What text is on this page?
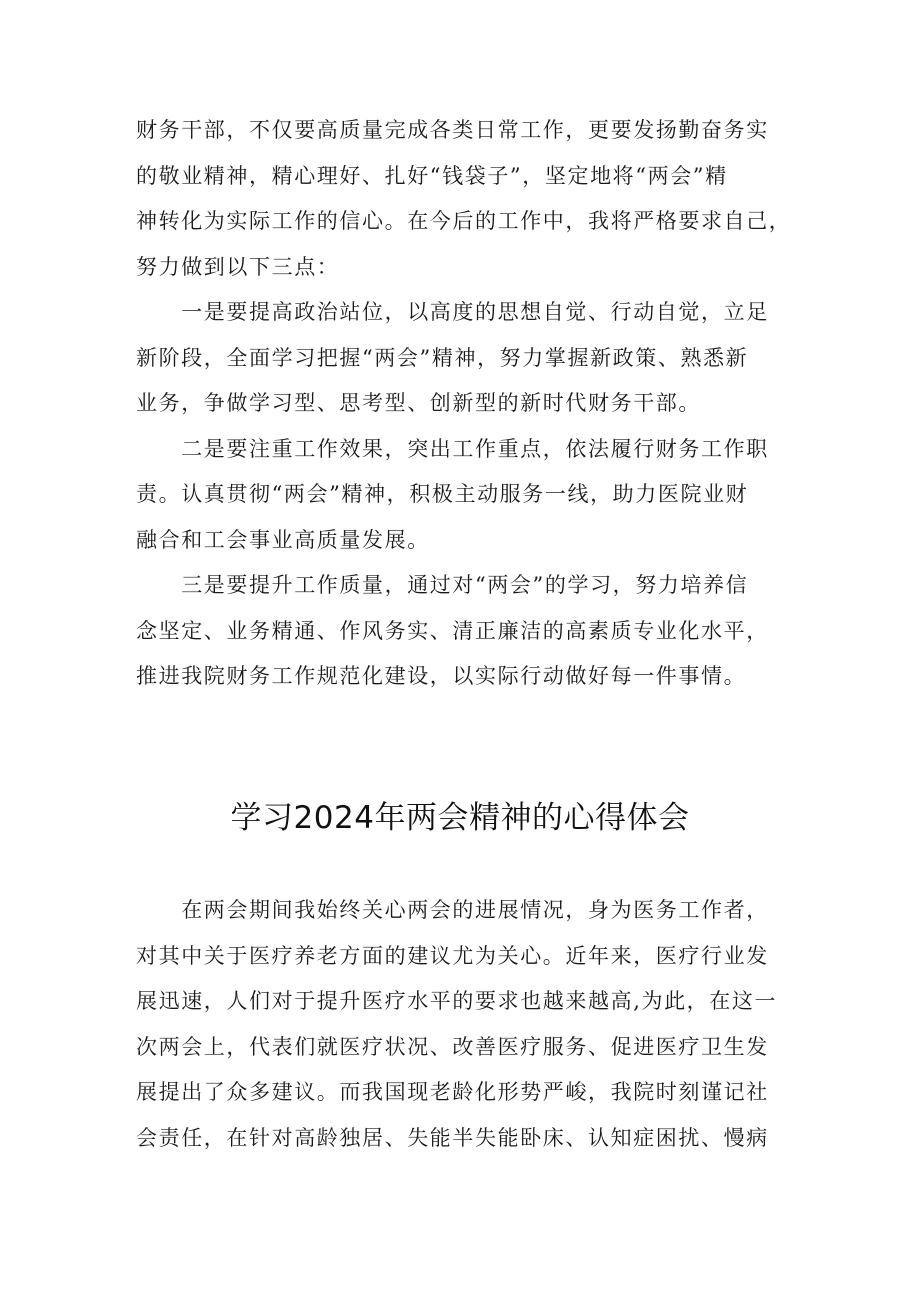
财务干部，不仅要高质量完成各类日常工作，更要发扬勤奋务实
的敬业精神，精心理好、扎好“钱袋子”，坚定地将“两会”精
神转化为实际工作的信心。在今后的工作中，我将严格要求自己，
努力做到以下三点：
　　一是要提高政治站位，以高度的思想自觉、行动自觉，立足
新阶段，全面学习把握“两会”精神，努力掌握新政策、熟悉新
业务，争做学习型、思考型、创新型的新时代财务干部。
　　二是要注重工作效果，突出工作重点，依法履行财务工作职
责。认真贯彻“两会”精神，积极主动服务一线，助力医院业财
融合和工会事业高质量发展。
　　三是要提升工作质量，通过对“两会”的学习，努力培养信
念坚定、业务精通、作风务实、清正廉洁的高素质专业化水平，
推进我院财务工作规范化建设，以实际行动做好每一件事情。
学习2024年两会精神的心得体会
　　在两会期间我始终关心两会的进展情况，身为医务工作者，
对其中关于医疗养老方面的建议尤为关心。近年来，医疗行业发
展迅速，人们对于提升医疗水平的要求也越来越高,为此，在这一
次两会上，代表们就医疗状况、改善医疗服务、促进医疗卫生发
展提出了众多建议。而我国现老龄化形势严峻，我院时刻谨记社
会责任，在针对高龄独居、失能半失能卧床、认知症困扰、慢病
